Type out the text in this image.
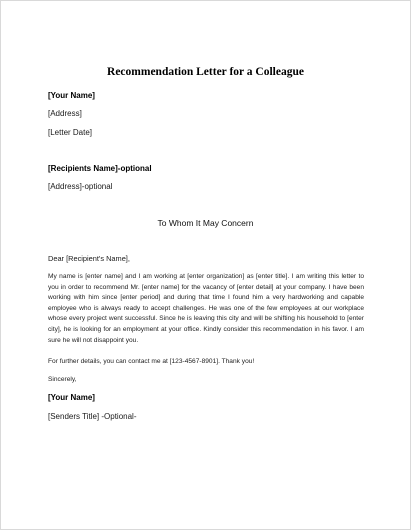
Recommendation Letter for a Colleague
[Your Name]
[Address]
[Letter Date]
[Recipients Name]-optional
[Address]-optional
To Whom It May Concern
Dear [Recipient's Name],
My name is [enter name] and I am working at [enter organization] as [enter title]. I am writing this letter to you in order to recommend Mr. [enter name] for the vacancy of [enter detail] at your company. I have been working with him since [enter period] and during that time I found him a very hardworking and capable employee who is always ready to accept challenges. He was one of the few employees at our workplace whose every project went successful. Since he is leaving this city and will be shifting his household to [enter city], he is looking for an employment at your office. Kindly consider this recommendation in his favor. I am sure he will not disappoint you.
For further details, you can contact me at [123-4567-8901]. Thank you!
Sincerely,
[Your Name]
[Senders Title] -Optional-
